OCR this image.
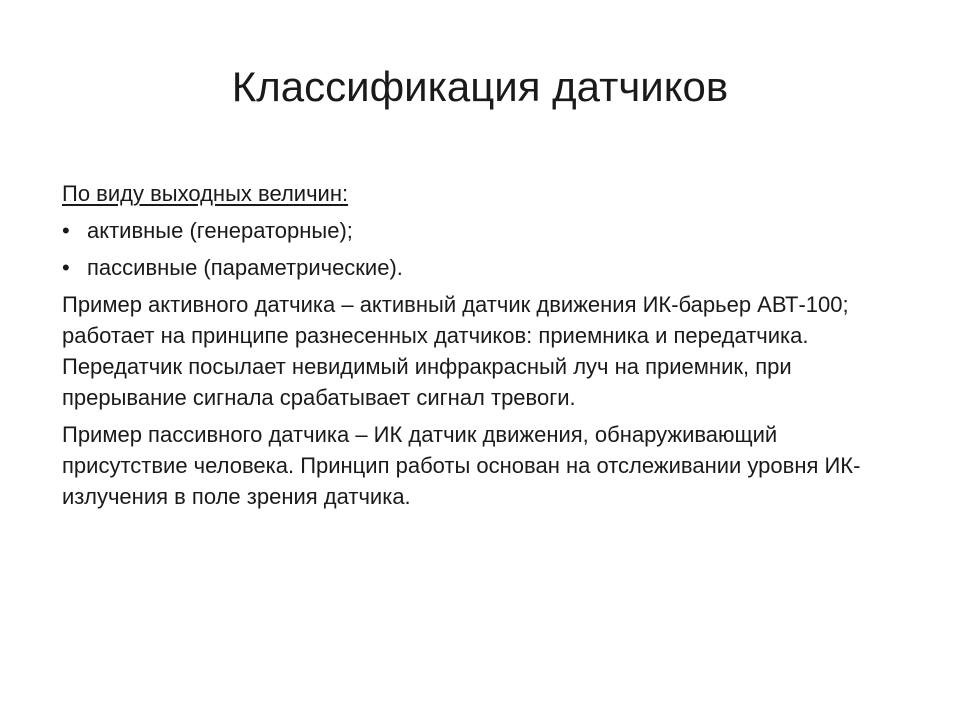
Классификация датчиков

По виду выходных величин:

• активные (генераторные);
• пассивные (параметрические).

Пример активного датчика – активный датчик движения ИК-барьер АВТ-100; работает на принципе разнесенных датчиков: приемника и передатчика. Передатчик посылает невидимый инфракрасный луч на приемник, при прерывание сигнала срабатывает сигнал тревоги.

Пример пассивного датчика – ИК датчик движения, обнаруживающий присутствие человека. Принцип работы основан на отслеживании уровня ИК-излучения в поле зрения датчика.
